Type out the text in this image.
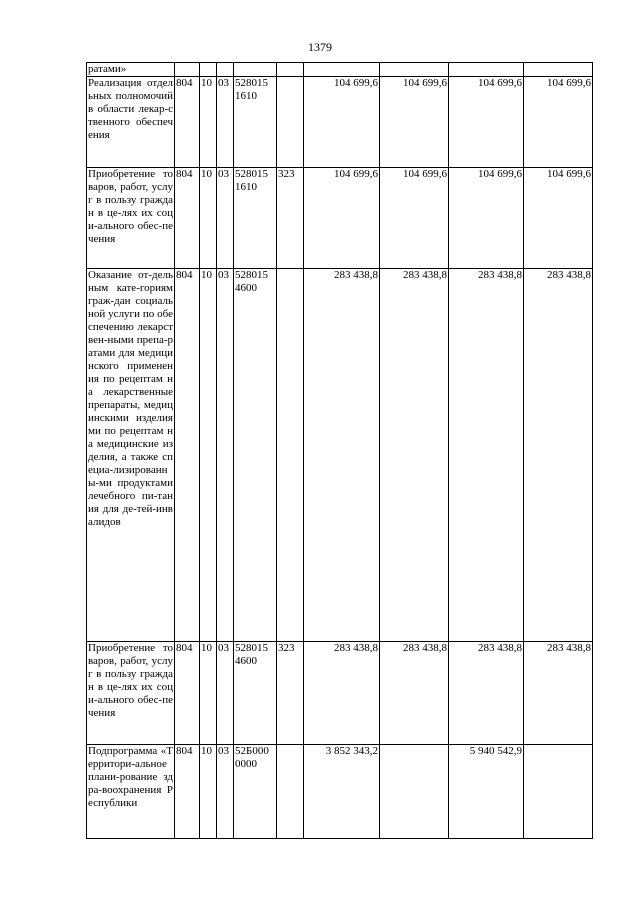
1379
ратами»									
Реализация отдельных полномочий в области лекар-ственного обеспечения	804	10	03	528015 1610		104 699,6	104 699,6	104 699,6	104 699,6
Приобретение товаров, работ, услуг в пользу граждан в це-лях их соци-ального обес-печения	804	10	03	528015 1610	323	104 699,6	104 699,6	104 699,6	104 699,6
Оказание от-дельным кате-гориям граж-дан социальной услуги по обеспечению лекарствен-ными препа-ратами для медицинского применения по рецептам на лекарственные препараты, медицинскими изделиями по рецептам на медицинские изделия, а также специа-лизированны-ми продуктами лечебного пи-тания для де-тей-инвалидов	804	10	03	528015 4600		283 438,8	283 438,8	283 438,8	283 438,8
Приобретение товаров, работ, услуг в пользу граждан в це-лях их соци-ального обес-печения	804	10	03	528015 4600	323	283 438,8	283 438,8	283 438,8	283 438,8
Подпрограмма «Территори-альное плани-рование здра-воохранения Республики	804	10	03	52Б000 0000		3 852 343,2		5 940 542,9	
